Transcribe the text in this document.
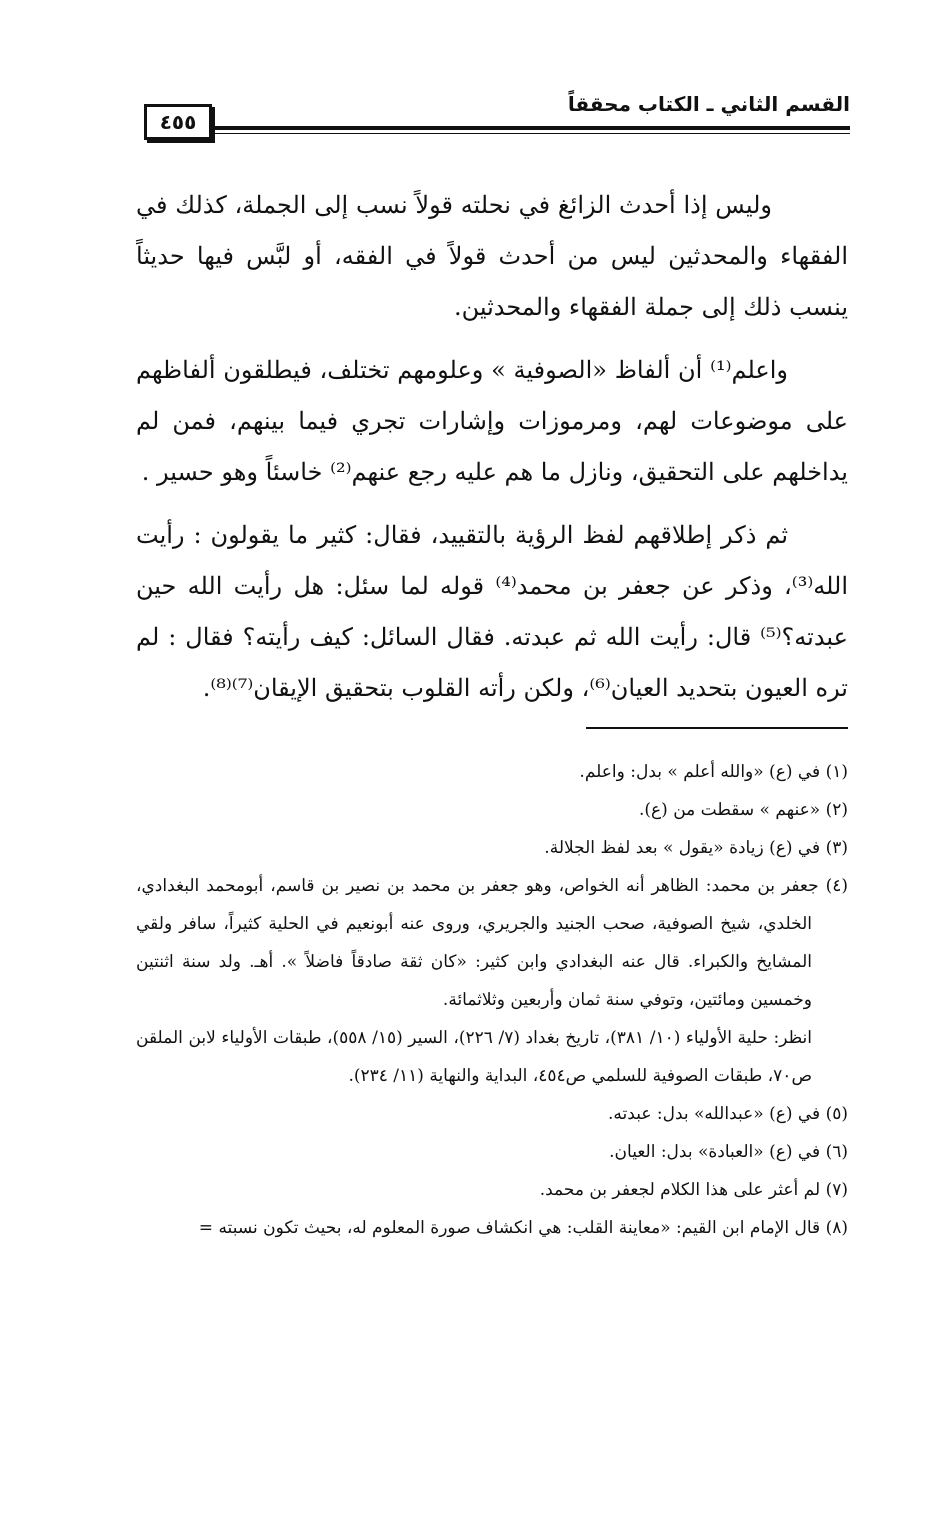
٤٥٥
القسم الثاني ـ الكتاب محققاً

وليس إذا أحدث الزائغ في نحلته قولاً نسب إلى الجملة، كذلك في الفقهاء والمحدثين ليس من أحدث قولاً في الفقه، أو لبَّس فيها حديثاً ينسب ذلك إلى جملة الفقهاء والمحدثين.

واعلم⁽¹⁾ أن ألفاظ «الصوفية » وعلومهم تختلف، فيطلقون ألفاظهم على موضوعات لهم، ومرموزات وإشارات تجري فيما بينهم، فمن لم يداخلهم على التحقيق، ونازل ما هم عليه رجع عنهم⁽²⁾ خاسئاً وهو حسير .

ثم ذكر إطلاقهم لفظ الرؤية بالتقييد، فقال: كثير ما يقولون : رأيت الله⁽³⁾، وذكر عن جعفر بن محمد⁽⁴⁾ قوله لما سئل: هل رأيت الله حين عبدته؟⁽⁵⁾ قال: رأيت الله ثم عبدته. فقال السائل: كيف رأيته؟ فقال : لم تره العيون بتحديد العيان⁽⁶⁾، ولكن رأته القلوب بتحقيق الإيقان⁽⁷⁾⁽⁸⁾.

(١) في (ع) «والله أعلم » بدل: واعلم.

(٢) «عنهم » سقطت من (ع).

(٣) في (ع) زيادة «يقول » بعد لفظ الجلالة.

(٤) جعفر بن محمد: الظاهر أنه الخواص، وهو جعفر بن محمد بن نصير بن قاسم، أبومحمد البغدادي، الخلدي، شيخ الصوفية، صحب الجنيد والجريري، وروى عنه أبونعيم في الحلية كثيراً، سافر ولقي المشايخ والكبراء. قال عنه البغدادي وابن كثير: «كان ثقة صادقاً فاضلاً ». أهـ. ولد سنة اثنتين وخمسين ومائتين، وتوفي سنة ثمان وأربعين وثلاثمائة.

انظر: حلية الأولياء (١٠/ ٣٨١)، تاريخ بغداد (٧/ ٢٢٦)، السير (١٥/ ٥٥٨)، طبقات الأولياء لابن الملقن ص٧٠، طبقات الصوفية للسلمي ص٤٥٤، البداية والنهاية (١١/ ٢٣٤).

(٥) في (ع) «عبدالله» بدل: عبدته.

(٦) في (ع) «العبادة» بدل: العيان.

(٧) لم أعثر على هذا الكلام لجعفر بن محمد.

(٨) قال الإمام ابن القيم: «معاينة القلب: هي انكشاف صورة المعلوم له، بحيث تكون نسبته =
